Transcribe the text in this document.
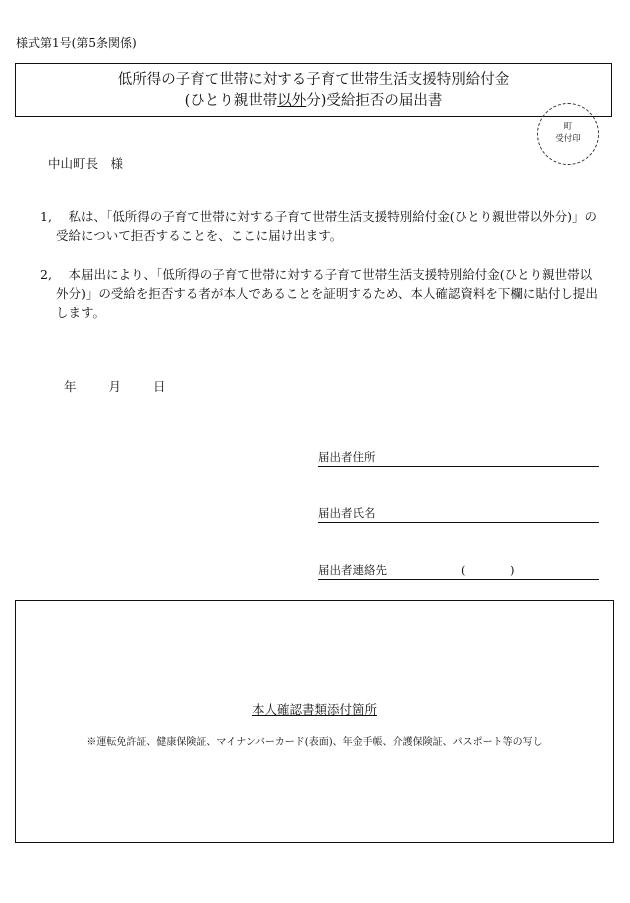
様式第1号(第5条関係)
低所得の子育て世帯に対する子育て世帯生活支援特別給付金
(ひとり親世帯以外分)受給拒否の届出書
町
受付印
中山町長　様
1,	私は、「低所得の子育て世帯に対する子育て世帯生活支援特別給付金(ひとり親世帯以外分)」の受給について拒否することを、ここに届け出ます。
2,	本届出により、「低所得の子育て世帯に対する子育て世帯生活支援特別給付金(ひとり親世帯以外分)」の受給を拒否する者が本人であることを証明するため、本人確認資料を下欄に貼付し提出します。
年	月	日
届出者住所
届出者氏名
届出者連絡先	(	)
本人確認書類添付箇所
※運転免許証、健康保険証、マイナンバーカード(表面)、年金手帳、介護保険証、パスポート等の写し
